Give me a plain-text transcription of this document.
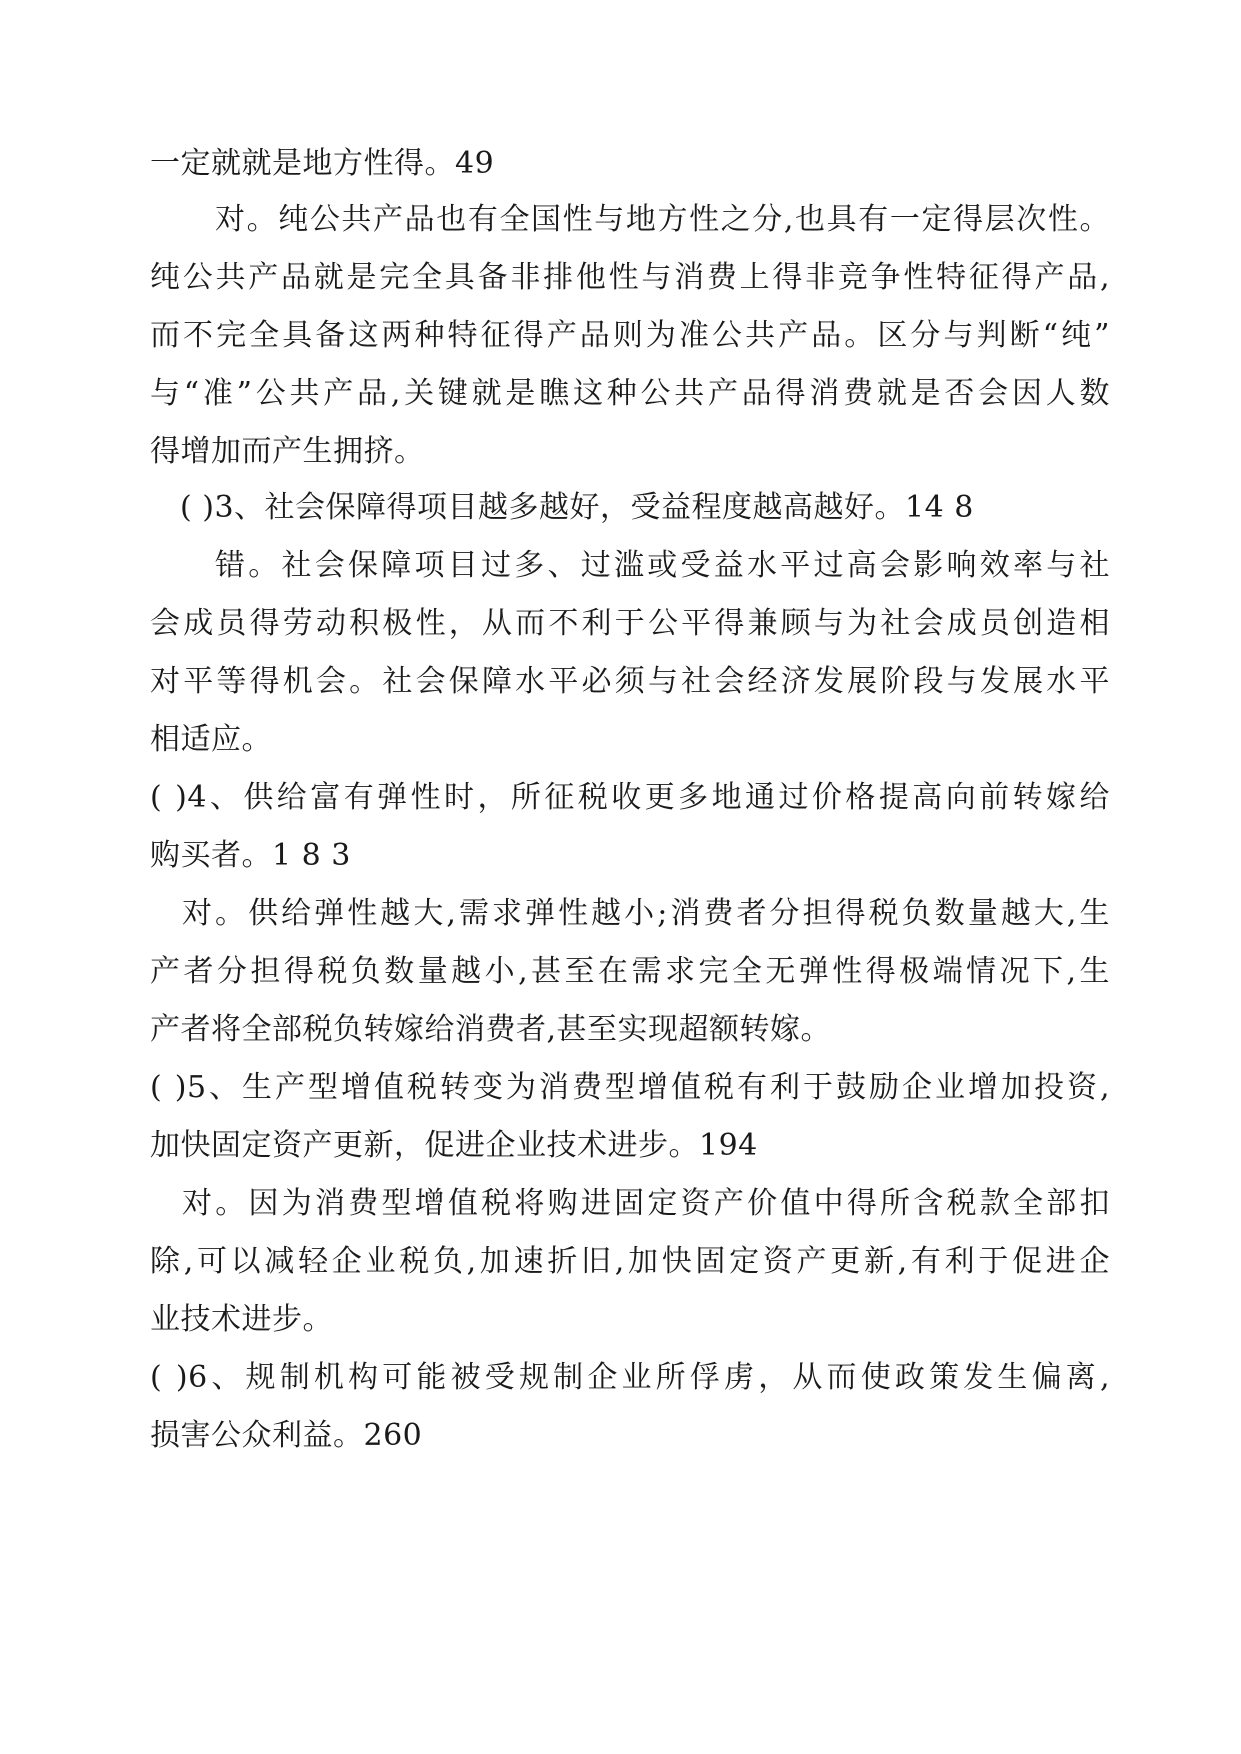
一定就就是地方性得。49
对。纯公共产品也有全国性与地方性之分,也具有一定得层次性。
纯公共产品就是完全具备非排他性与消费上得非竞争性特征得产品,
而不完全具备这两种特征得产品则为准公共产品。区分与判断“纯”
与“准”公共产品,关键就是瞧这种公共产品得消费就是否会因人数
得增加而产生拥挤。
( )3、社会保障得项目越多越好，受益程度越高越好。14 8
错。社会保障项目过多、过滥或受益水平过高会影响效率与社
会成员得劳动积极性，从而不利于公平得兼顾与为社会成员创造相
对平等得机会。社会保障水平必须与社会经济发展阶段与发展水平
相适应。
( )4、供给富有弹性时，所征税收更多地通过价格提高向前转嫁给
购买者。1 8 3
对。供给弹性越大,需求弹性越小;消费者分担得税负数量越大,生
产者分担得税负数量越小,甚至在需求完全无弹性得极端情况下,生
产者将全部税负转嫁给消费者,甚至实现超额转嫁。
( )5、生产型增值税转变为消费型增值税有利于鼓励企业增加投资,
加快固定资产更新，促进企业技术进步。194
对。因为消费型增值税将购进固定资产价值中得所含税款全部扣
除,可以减轻企业税负,加速折旧,加快固定资产更新,有利于促进企
业技术进步。
( )6、规制机构可能被受规制企业所俘虏，从而使政策发生偏离,
损害公众利益。260
